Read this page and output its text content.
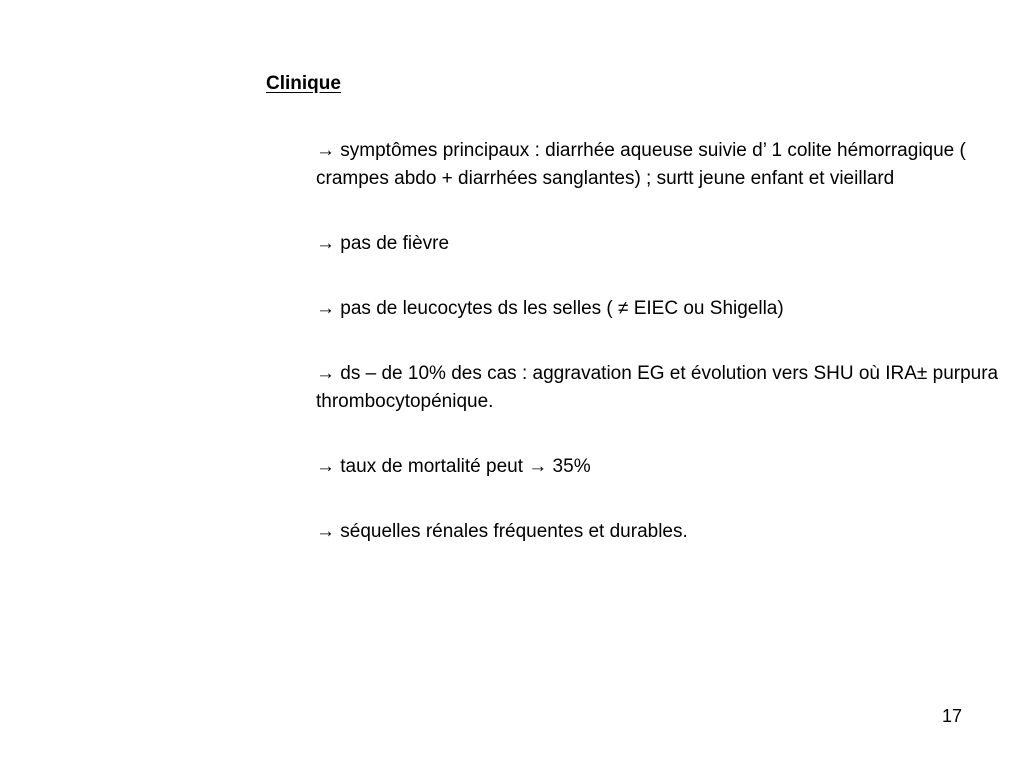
Clinique
→ symptômes principaux : diarrhée aqueuse suivie d’ 1 colite hémorragique ( crampes abdo + diarrhées sanglantes) ; surtt jeune enfant et vieillard
→ pas de fièvre
→ pas de leucocytes ds les selles ( ≠ EIEC ou Shigella)
→ ds – de 10% des cas : aggravation EG et évolution vers SHU où IRA± purpura thrombocytopénique.
→ taux de mortalité peut → 35%
→ séquelles rénales fréquentes et durables.
17
